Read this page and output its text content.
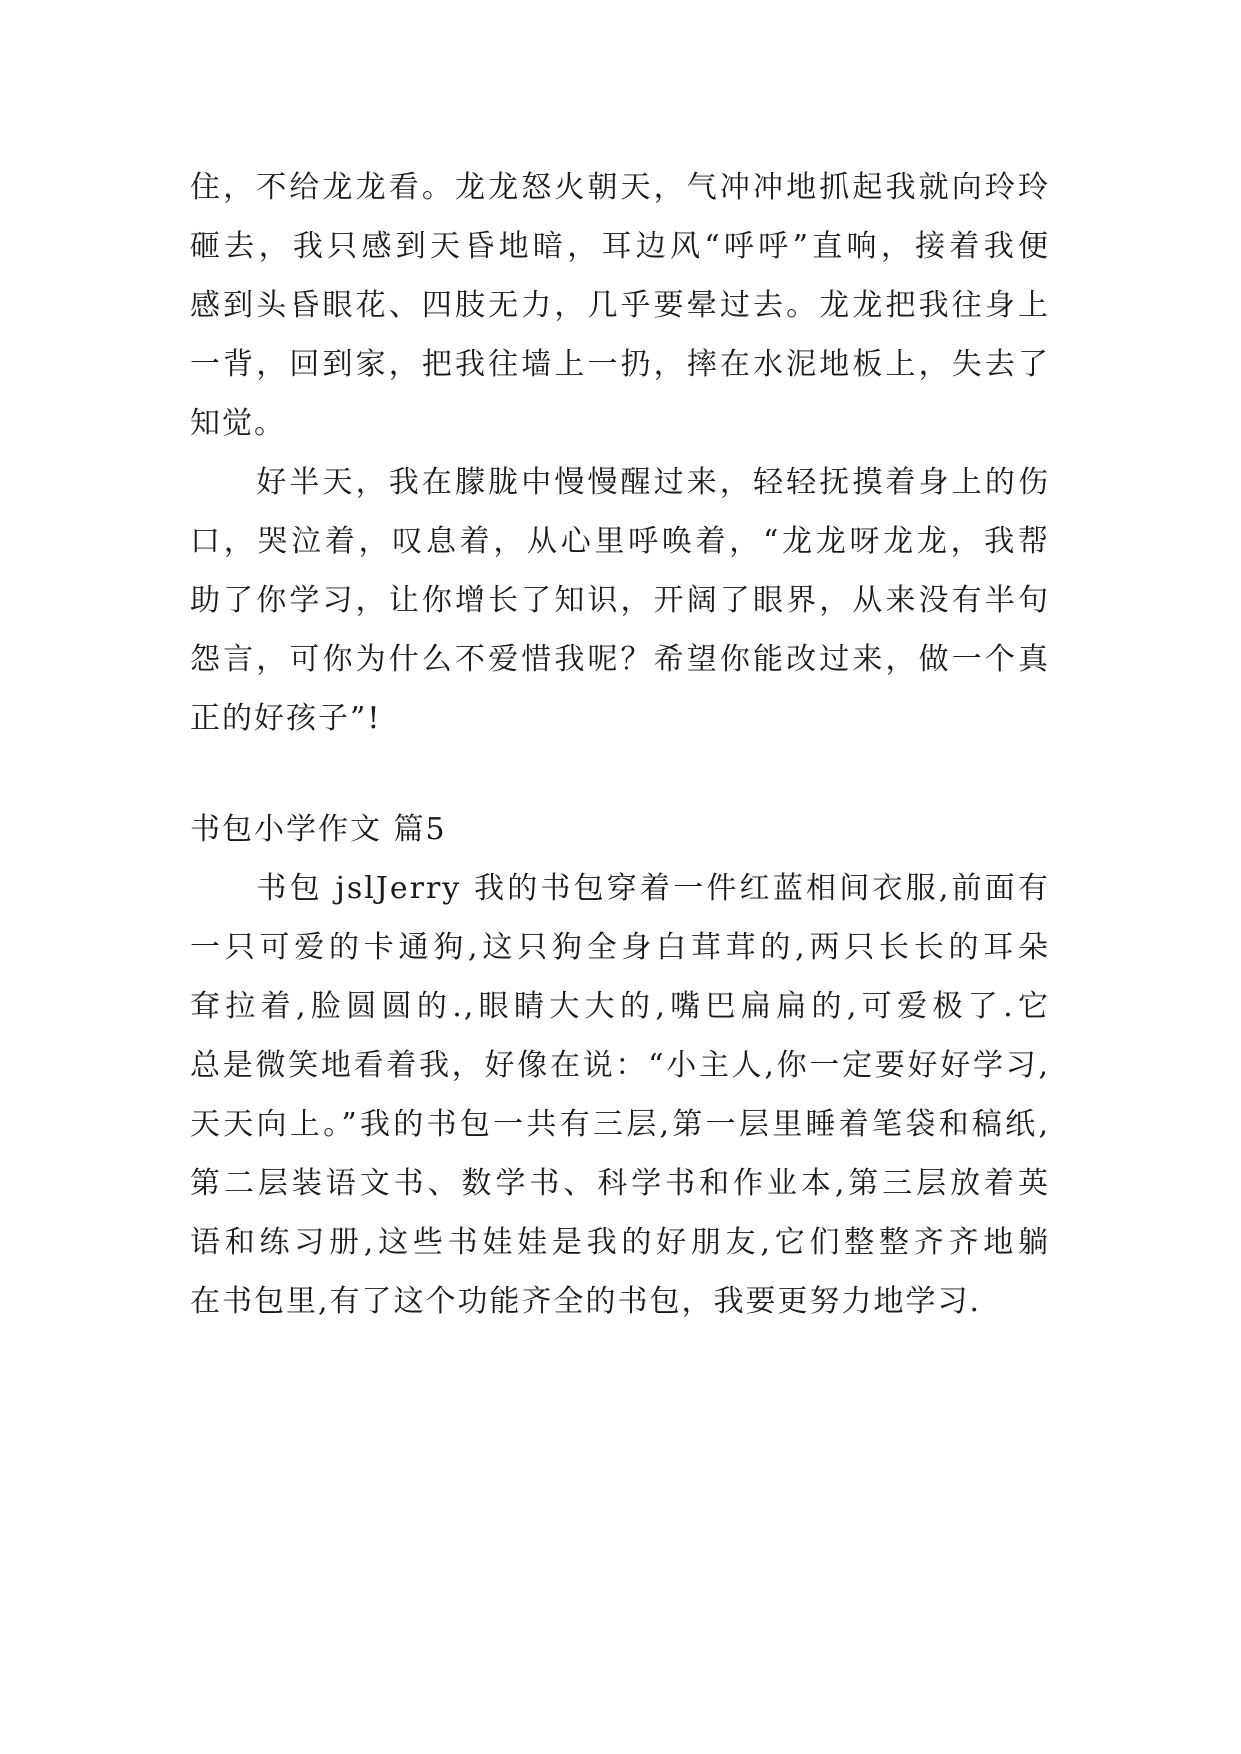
住，不给龙龙看。龙龙怒火朝天，气冲冲地抓起我就向玲玲
砸去，我只感到天昏地暗，耳边风“呼呼”直响，接着我便
感到头昏眼花、四肢无力，几乎要晕过去。龙龙把我往身上
一背，回到家，把我往墙上一扔，摔在水泥地板上，失去了
知觉。
　　好半天，我在朦胧中慢慢醒过来，轻轻抚摸着身上的伤
口，哭泣着，叹息着，从心里呼唤着，“龙龙呀龙龙，我帮
助了你学习，让你增长了知识，开阔了眼界，从来没有半句
怨言，可你为什么不爱惜我呢？希望你能改过来，做一个真
正的好孩子”!
书包小学作文 篇5
　　书包 jslJerry 我的书包穿着一件红蓝相间衣服,前面有
一只可爱的卡通狗,这只狗全身白茸茸的,两只长长的耳朵
耷拉着,脸圆圆的.,眼睛大大的,嘴巴扁扁的,可爱极了.它
总是微笑地看着我，好像在说：“小主人,你一定要好好学习,
天天向上。”我的书包一共有三层,第一层里睡着笔袋和稿纸,
第二层装语文书、数学书、科学书和作业本,第三层放着英
语和练习册,这些书娃娃是我的好朋友,它们整整齐齐地躺
在书包里,有了这个功能齐全的书包，我要更努力地学习.
